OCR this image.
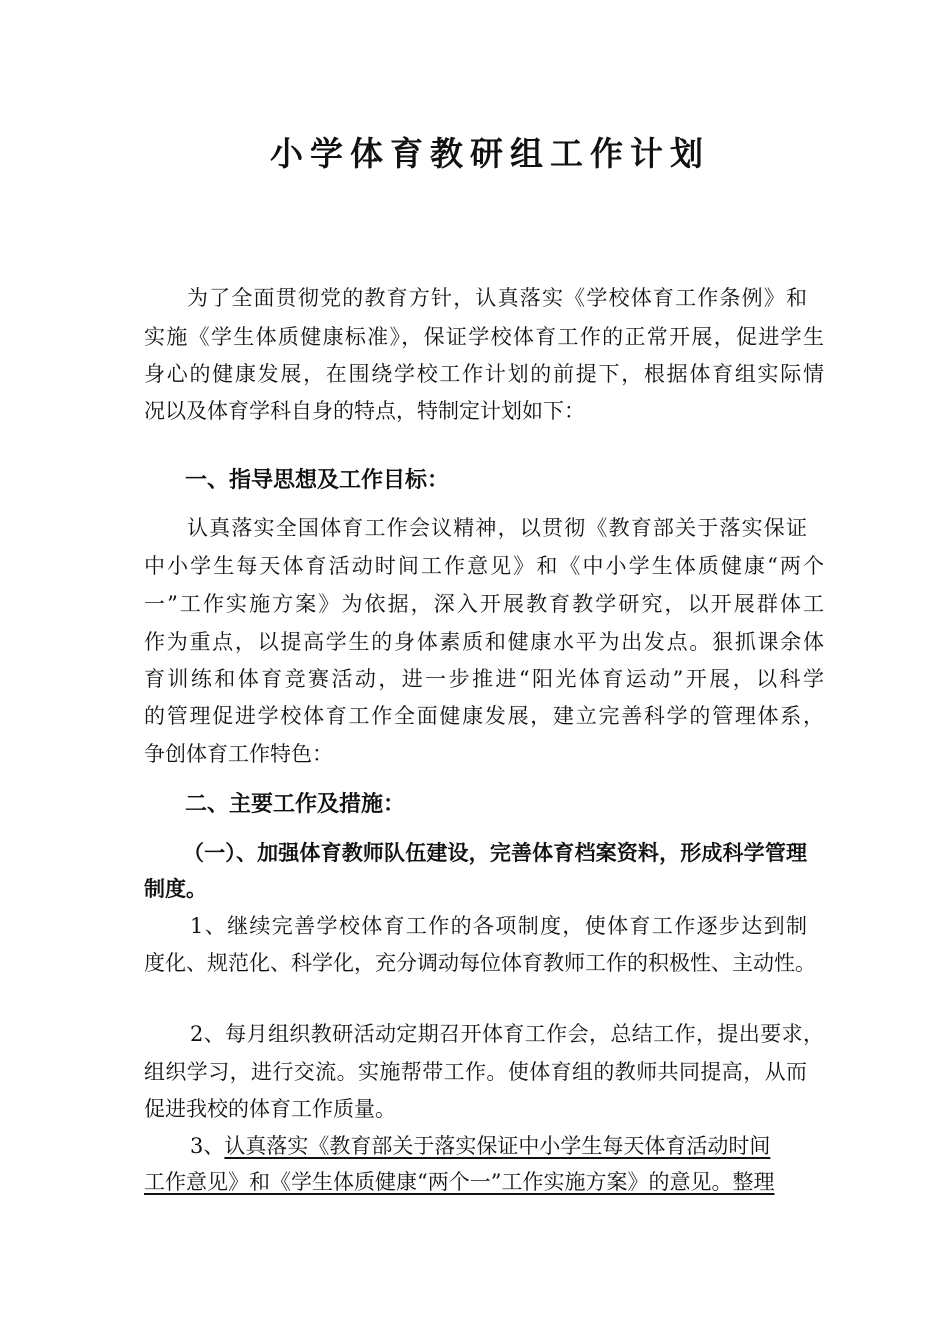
小学体育教研组工作计划

为了全面贯彻党的教育方针，认真落实《学校体育工作条例》和

实施《学生体质健康标准》，保证学校体育工作的正常开展，促进学生

身心的健康发展，在围绕学校工作计划的前提下，根据体育组实际情

况以及体育学科自身的特点，特制定计划如下：

一、指导思想及工作目标：

认真落实全国体育工作会议精神，以贯彻《教育部关于落实保证

中小学生每天体育活动时间工作意见》和《中小学生体质健康“两个

一”工作实施方案》为依据，深入开展教育教学研究，以开展群体工

作为重点，以提高学生的身体素质和健康水平为出发点。狠抓课余体

育训练和体育竞赛活动，进一步推进“阳光体育运动”开展，以科学

的管理促进学校体育工作全面健康发展，建立完善科学的管理体系，

争创体育工作特色：

二、主要工作及措施：

（一）、加强体育教师队伍建设，完善体育档案资料，形成科学管理

制度。

1、继续完善学校体育工作的各项制度，使体育工作逐步达到制

度化、规范化、科学化，充分调动每位体育教师工作的积极性、主动性。

2、每月组织教研活动定期召开体育工作会，总结工作，提出要求，

组织学习，进行交流。实施帮带工作。使体育组的教师共同提高，从而

促进我校的体育工作质量。

3、认真落实《教育部关于落实保证中小学生每天体育活动时间

工作意见》和《学生体质健康“两个一”工作实施方案》的意见。整理
